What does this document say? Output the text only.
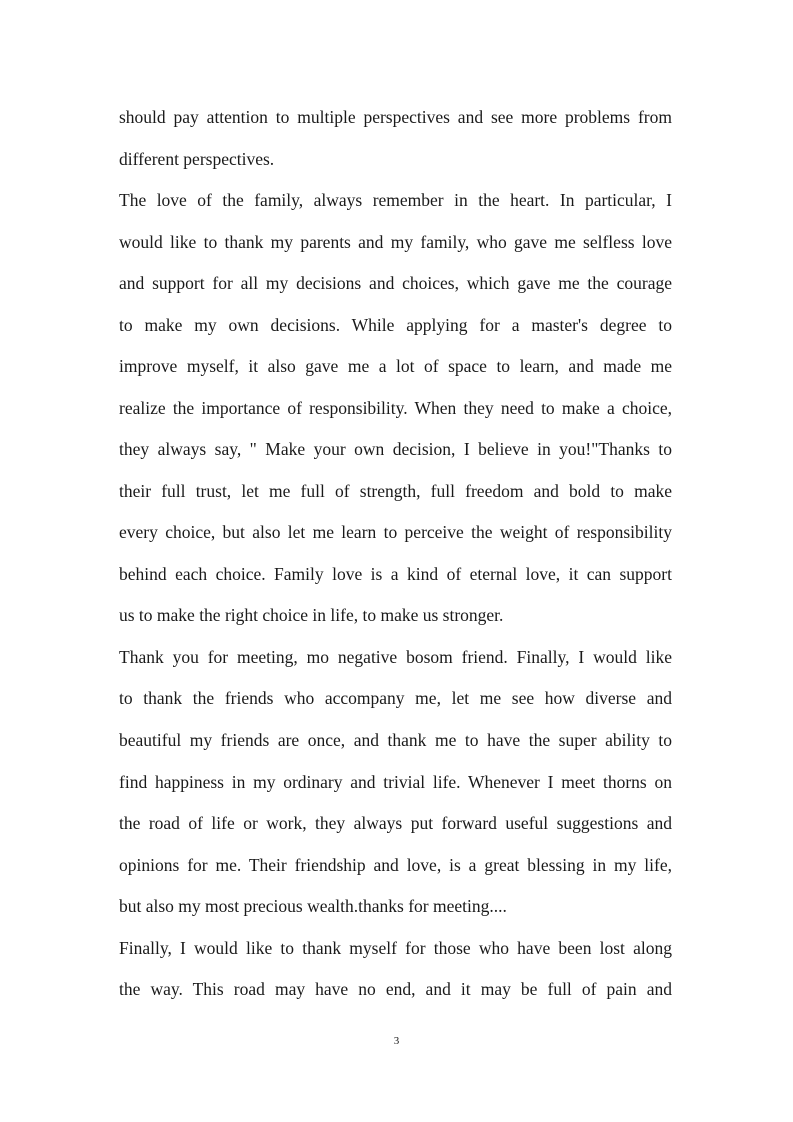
should pay attention to multiple perspectives and see more problems from

different perspectives.

The love of the family, always remember in the heart. In particular, I

would like to thank my parents and my family, who gave me selfless love

and support for all my decisions and choices, which gave me the courage

to make my own decisions. While applying for a master's degree to

improve myself, it also gave me a lot of space to learn, and made me

realize the importance of responsibility. When they need to make a choice,

they always say, " Make your own decision, I believe in you!"Thanks to

their full trust, let me full of strength, full freedom and bold to make

every choice, but also let me learn to perceive the weight of responsibility

behind each choice. Family love is a kind of eternal love, it can support

us to make the right choice in life, to make us stronger.

Thank you for meeting, mo negative bosom friend. Finally, I would like

to thank the friends who accompany me, let me see how diverse and

beautiful my friends are once, and thank me to have the super ability to

find happiness in my ordinary and trivial life. Whenever I meet thorns on

the road of life or work, they always put forward useful suggestions and

opinions for me. Their friendship and love, is a great blessing in my life,

but also my most precious wealth.thanks for meeting....

Finally, I would like to thank myself for those who have been lost along

the way. This road may have no end, and it may be full of pain and

3
